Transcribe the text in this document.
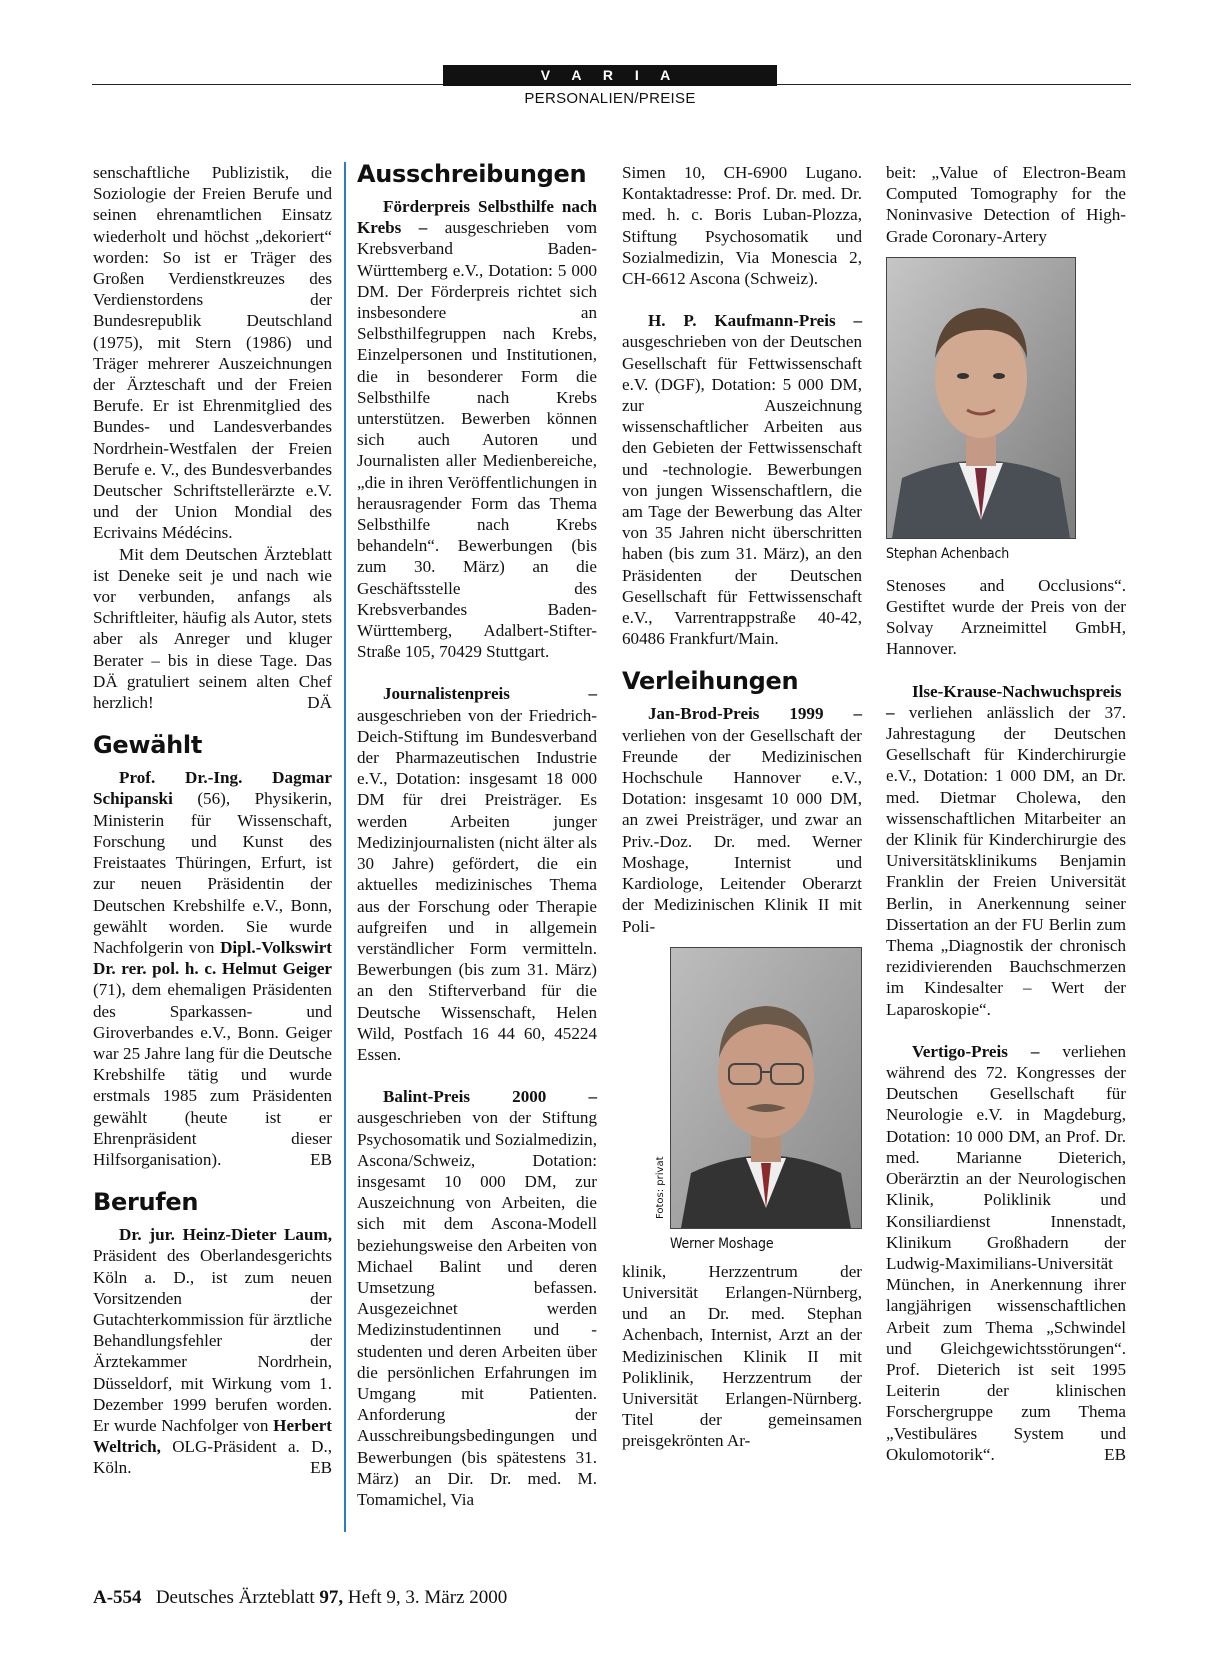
V A R I A
PERSONALIEN/PREISE

senschaftliche Publizistik, die Soziologie der Freien Berufe und seinen ehrenamtlichen Einsatz wiederholt und höchst „dekoriert“ worden: So ist er Träger des Großen Verdienstkreuzes des Verdienstordens der Bundesrepublik Deutschland (1975), mit Stern (1986) und Träger mehrerer Auszeichnungen der Ärzteschaft und der Freien Berufe. Er ist Ehrenmitglied des Bundes- und Landesverbandes Nordrhein-Westfalen der Freien Berufe e. V., des Bundesverbandes Deutscher Schriftstellerärzte e.V. und der Union Mondial des Ecrivains Médécins.

Mit dem Deutschen Ärzteblatt ist Deneke seit je und nach wie vor verbunden, anfangs als Schriftleiter, häufig als Autor, stets aber als Anreger und kluger Berater – bis in diese Tage. Das DÄ gratuliert seinem alten Chef herzlich!	DÄ

Gewählt

Prof. Dr.-Ing. Dagmar Schipanski (56), Physikerin, Ministerin für Wissenschaft, Forschung und Kunst des Freistaates Thüringen, Erfurt, ist zur neuen Präsidentin der Deutschen Krebshilfe e.V., Bonn, gewählt worden. Sie wurde Nachfolgerin von Dipl.-Volkswirt Dr. rer. pol. h. c. Helmut Geiger (71), dem ehemaligen Präsidenten des Sparkassen- und Giroverbandes e.V., Bonn. Geiger war 25 Jahre lang für die Deutsche Krebshilfe tätig und wurde erstmals 1985 zum Präsidenten gewählt (heute ist er Ehrenpräsident dieser Hilfsorganisation).	EB

Berufen

Dr. jur. Heinz-Dieter Laum, Präsident des Oberlandesgerichts Köln a. D., ist zum neuen Vorsitzenden der Gutachterkommission für ärztliche Behandlungsfehler der Ärztekammer Nordrhein, Düsseldorf, mit Wirkung vom 1. Dezember 1999 berufen worden. Er wurde Nachfolger von Herbert Weltrich, OLG-Präsident a. D., Köln.	EB

Ausschreibungen

Förderpreis Selbsthilfe nach Krebs – ausgeschrieben vom Krebsverband Baden-Württemberg e.V., Dotation: 5 000 DM. Der Förderpreis richtet sich insbesondere an Selbsthilfegruppen nach Krebs, Einzelpersonen und Institutionen, die in besonderer Form die Selbsthilfe nach Krebs unterstützen. Bewerben können sich auch Autoren und Journalisten aller Medienbereiche, „die in ihren Veröffentlichungen in herausragender Form das Thema Selbsthilfe nach Krebs behandeln“. Bewerbungen (bis zum 30. März) an die Geschäftsstelle des Krebsverbandes Baden-Württemberg, Adalbert-Stifter-Straße 105, 70429 Stuttgart.

Journalistenpreis – ausgeschrieben von der Friedrich-Deich-Stiftung im Bundesverband der Pharmazeutischen Industrie e.V., Dotation: insgesamt 18 000 DM für drei Preisträger. Es werden Arbeiten junger Medizinjournalisten (nicht älter als 30 Jahre) gefördert, die ein aktuelles medizinisches Thema aus der Forschung oder Therapie aufgreifen und in allgemein verständlicher Form vermitteln. Bewerbungen (bis zum 31. März) an den Stifterverband für die Deutsche Wissenschaft, Helen Wild, Postfach 16 44 60, 45224 Essen.

Balint-Preis 2000 – ausgeschrieben von der Stiftung Psychosomatik und Sozialmedizin, Ascona/Schweiz, Dotation: insgesamt 10 000 DM, zur Auszeichnung von Arbeiten, die sich mit dem Ascona-Modell beziehungsweise den Arbeiten von Michael Balint und deren Umsetzung befassen. Ausgezeichnet werden Medizinstudentinnen und -studenten und deren Arbeiten über die persönlichen Erfahrungen im Umgang mit Patienten. Anforderung der Ausschreibungsbedingungen und Bewerbungen (bis spätestens 31. März) an Dir. Dr. med. M. Tomamichel, Via

Simen 10, CH-6900 Lugano. Kontaktadresse: Prof. Dr. med. Dr. med. h. c. Boris Luban-Plozza, Stiftung Psychosomatik und Sozialmedizin, Via Monescia 2, CH-6612 Ascona (Schweiz).

H. P. Kaufmann-Preis – ausgeschrieben von der Deutschen Gesellschaft für Fettwissenschaft e.V. (DGF), Dotation: 5 000 DM, zur Auszeichnung wissenschaftlicher Arbeiten aus den Gebieten der Fettwissenschaft und -technologie. Bewerbungen von jungen Wissenschaftlern, die am Tage der Bewerbung das Alter von 35 Jahren nicht überschritten haben (bis zum 31. März), an den Präsidenten der Deutschen Gesellschaft für Fettwissenschaft e.V., Varrentrappstraße 40-42, 60486 Frankfurt/Main.

Verleihungen

Jan-Brod-Preis 1999 – verliehen von der Gesellschaft der Freunde der Medizinischen Hochschule Hannover e.V., Dotation: insgesamt 10 000 DM, an zwei Preisträger, und zwar an Priv.-Doz. Dr. med. Werner Moshage, Internist und Kardiologe, Leitender Oberarzt der Medizinischen Klinik II mit Poli-

Fotos: privat
Werner Moshage

klinik, Herzzentrum der Universität Erlangen-Nürnberg, und an Dr. med. Stephan Achenbach, Internist, Arzt an der Medizinischen Klinik II mit Poliklinik, Herzzentrum der Universität Erlangen-Nürnberg. Titel der gemeinsamen preisgekrönten Ar-

beit: „Value of Electron-Beam Computed Tomography for the Noninvasive Detection of High-Grade Coronary-Artery

Stephan Achenbach

Stenoses and Occlusions“. Gestiftet wurde der Preis von der Solvay Arzneimittel GmbH, Hannover.

Ilse-Krause-Nachwuchspreis – verliehen anlässlich der 37. Jahrestagung der Deutschen Gesellschaft für Kinderchirurgie e.V., Dotation: 1 000 DM, an Dr. med. Dietmar Cholewa, den wissenschaftlichen Mitarbeiter an der Klinik für Kinderchirurgie des Universitätsklinikums Benjamin Franklin der Freien Universität Berlin, in Anerkennung seiner Dissertation an der FU Berlin zum Thema „Diagnostik der chronisch rezidivierenden Bauchschmerzen im Kindesalter – Wert der Laparoskopie“.

Vertigo-Preis – verliehen während des 72. Kongresses der Deutschen Gesellschaft für Neurologie e.V. in Magdeburg, Dotation: 10 000 DM, an Prof. Dr. med. Marianne Dieterich, Oberärztin an der Neurologischen Klinik, Poliklinik und Konsiliardienst Innenstadt, Klinikum Großhadern der Ludwig-Maximilians-Universität München, in Anerkennung ihrer langjährigen wissenschaftlichen Arbeit zum Thema „Schwindel und Gleichgewichtsstörungen“. Prof. Dieterich ist seit 1995 Leiterin der klinischen Forschergruppe zum Thema „Vestibuläres System und Okulomotorik“.	EB

A-554 Deutsches Ärzteblatt 97, Heft 9, 3. März 2000
